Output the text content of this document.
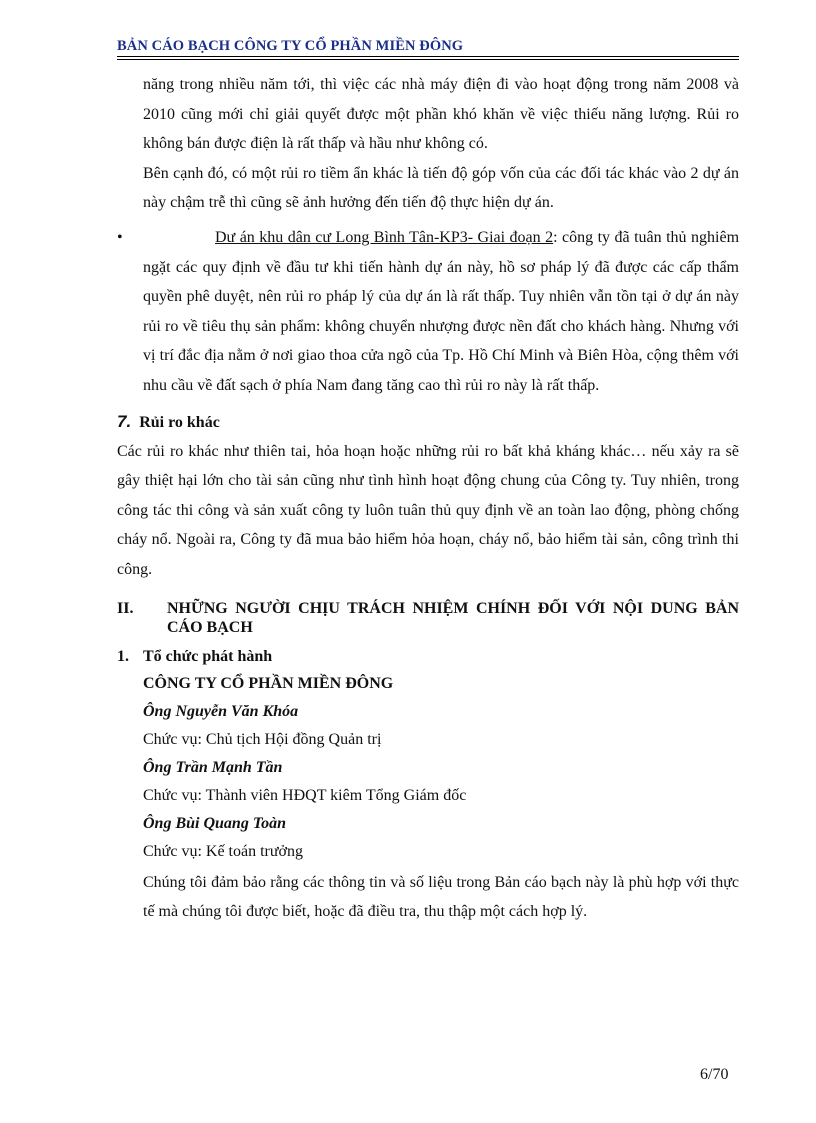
BẢN CÁO BẠCH CÔNG TY CỔ PHẦN MIỀN ĐÔNG

năng trong nhiều năm tới, thì việc các nhà máy điện đi vào hoạt động trong năm 2008 và 2010 cũng mới chỉ giải quyết được một phần khó khăn về việc thiếu năng lượng. Rủi ro không bán được điện là rất thấp và hầu như không có.

Bên cạnh đó, có một rủi ro tiềm ẩn khác là tiến độ góp vốn của các đối tác khác vào 2 dự án này chậm trễ thì cũng sẽ ảnh hưởng đến tiến độ thực hiện dự án.

•	Dư án khu dân cư Long Bình Tân-KP3- Giai đoạn 2: công ty đã tuân thủ nghiêm ngặt các quy định về đầu tư khi tiến hành dự án này, hồ sơ pháp lý đã được các cấp thẩm quyền phê duyệt, nên rủi ro pháp lý của dự án là rất thấp. Tuy nhiên vẫn tồn tại ở dự án này rủi ro về tiêu thụ sản phẩm: không chuyển nhượng được nền đất cho khách hàng. Nhưng với vị trí đắc địa nằm ở nơi giao thoa cửa ngõ của Tp. Hồ Chí Minh và Biên Hòa, cộng thêm với nhu cầu về đất sạch ở phía Nam đang tăng cao thì rủi ro này là rất thấp.

7. Rủi ro khác

Các rủi ro khác như thiên tai, hỏa hoạn hoặc những rủi ro bất khả kháng khác… nếu xảy ra sẽ gây thiệt hại lớn cho tài sản cũng như tình hình hoạt động chung của Công ty. Tuy nhiên, trong công tác thi công và sản xuất công ty luôn tuân thủ quy định về an toàn lao động, phòng chống cháy nổ. Ngoài ra, Công ty đã mua bảo hiểm hỏa hoạn, cháy nổ, bảo hiểm tài sản, công trình thi công.

II.	NHỮNG NGƯỜI CHỊU TRÁCH NHIỆM CHÍNH ĐỐI VỚI NỘI DUNG BẢN CÁO BẠCH
1. Tổ chức phát hành
CÔNG TY CỔ PHẦN MIỀN ĐÔNG
Ông Nguyễn Văn Khóa
Chức vụ: Chủ tịch Hội đồng Quản trị
Ông Trần Mạnh Tần
Chức vụ: Thành viên HĐQT kiêm Tổng Giám đốc
Ông Bùi Quang Toàn
Chức vụ: Kế toán trưởng

Chúng tôi đảm bảo rằng các thông tin và số liệu trong Bản cáo bạch này là phù hợp với thực tế mà chúng tôi được biết, hoặc đã điều tra, thu thập một cách hợp lý.

6/70
